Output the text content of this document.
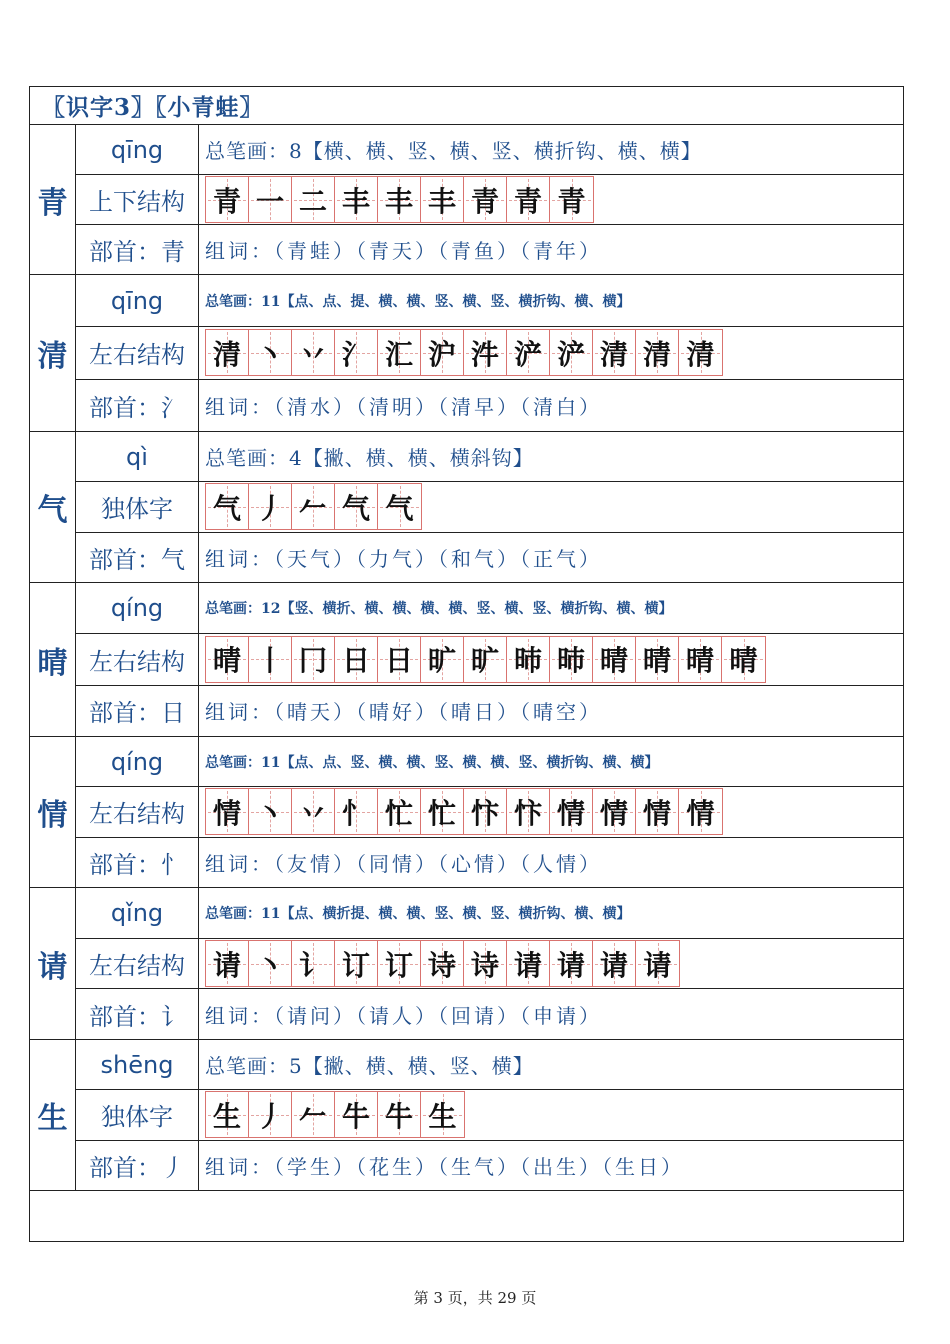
〖识字3〗〖小青蛙〗
青
qīng	总笔画：8【横、横、竖、横、竖、横折钩、横、横】
上下结构 青 一 二 丰 丰 丰 青 青 青
部首：青	组词：（青蛙）（青天）（青鱼）（青年）
清
qīng	总笔画：11【点、点、提、横、横、竖、横、竖、横折钩、横、横】
左右结构 清 丶 丷 氵 汇 沪 汼 浐 浐 清 清 清
部首：氵	组词：（清水）（清明）（清早）（清白）
气
qì	总笔画：4【撇、横、横、横斜钩】
独体字	气 丿 𠂉 气 气
部首：气	组词：（天气）（力气）（和气）（正气）
晴
qíng	总笔画：12【竖、横折、横、横、横、横、竖、横、竖、横折钩、横、横】
左右结构 晴 丨 冂 日 日 旷 旷 昁 昁 晴 晴 晴 晴
部首：日	组词：（晴天）（晴好）（晴日）（晴空）
情
qíng	总笔画：11【点、点、竖、横、横、竖、横、横、竖、横折钩、横、横】
左右结构 情 丶 丷 忄 忙 忙 忭 忭 情 情 情 情
部首：忄	组词：（友情）（同情）（心情）（人情）
请
qǐng	总笔画：11【点、横折提、横、横、竖、横、竖、横折钩、横、横】
左右结构 请 丶 讠 订 订 诗 诗 请 请 请 请
部首：讠	组词：（请问）（请人）（回请）（申请）
生
shēng	总笔画：5【撇、横、横、竖、横】
独体字	生 丿 𠂉 牛 牛 生
部首：丿	组词：（学生）（花生）（生气）（出生）（生日）
第 3 页，共 29 页
